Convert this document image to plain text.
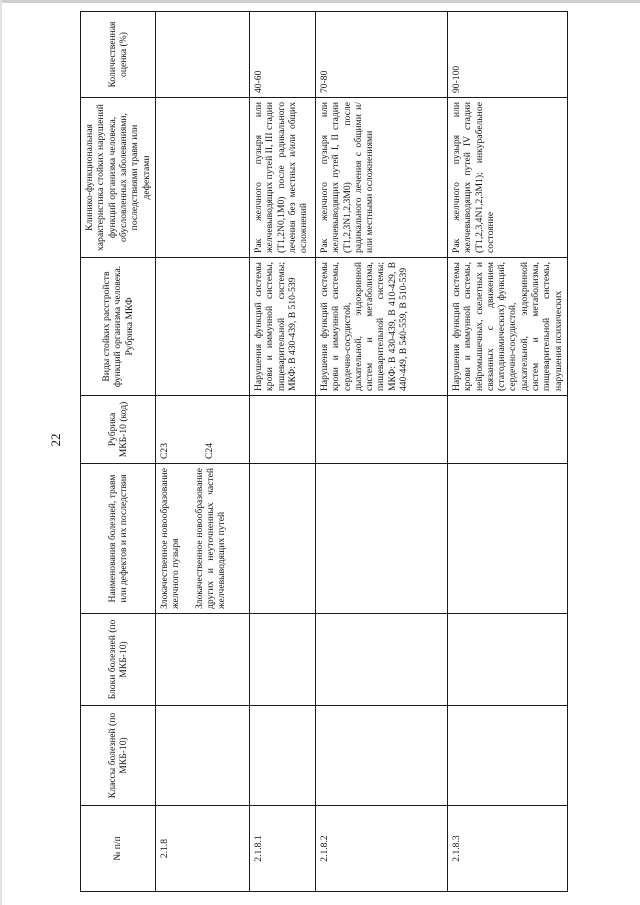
22
№ п/п	Классы болезней (по МКБ-10)	Блоки болезней (по МКБ-10)	Наименования болезней, травм или дефектов и их последствия	Рубрика МКБ-10 (код)	Виды стойких расстройств функций организма человека. Рубрика МКФ	Клинико-функциональная характеристика стойких нарушений функций организма человека, обусловленных заболеваниями, последствиями травм или дефектами	Количественная оценка (%)
2.1.8			Злокачественное новообразование желчного пузыря Злокачественное новообразование других и неуточненных частей желчевыводящих путей	C23 C24			

2.1.8.1					Нарушения функций системы крови и иммунной системы, пищеварительной системы; МКФ: B 430-439, B 510-539	Рак желчного пузыря или желчевыводящих путей II, III стадии (T1,2N0,1M0) после радикального лечения без местных и/или общих осложнений	40-60
2.1.8.2					Нарушения функций системы крови и иммунной системы, сердечно-сосудистой, дыхательной, эндокринной систем и метаболизма, пищеварительной системы; МКФ: B 430-439, B 410-429, B 440-449, B 540-559, B 510-539	Рак желчного пузыря или желчевыводящих путей I, II стадии (T1,2,3N1,2,3M0) после радикального лечения с общими и/или местными осложнениями	70-80
2.1.8.3					Нарушения функций системы крови и иммунной системы, нейромышечных, скелетных и связанных с движением (статодинамических) функций, сердечно-сосудистой, дыхательной, эндокринной систем и метаболизма, пищеварительной системы, нарушения психических	Рак желчного пузыря или желчевыводящих путей IV стадии (T1,2,3,4N1,2,3M1); инкурабельное состояние	90-100
